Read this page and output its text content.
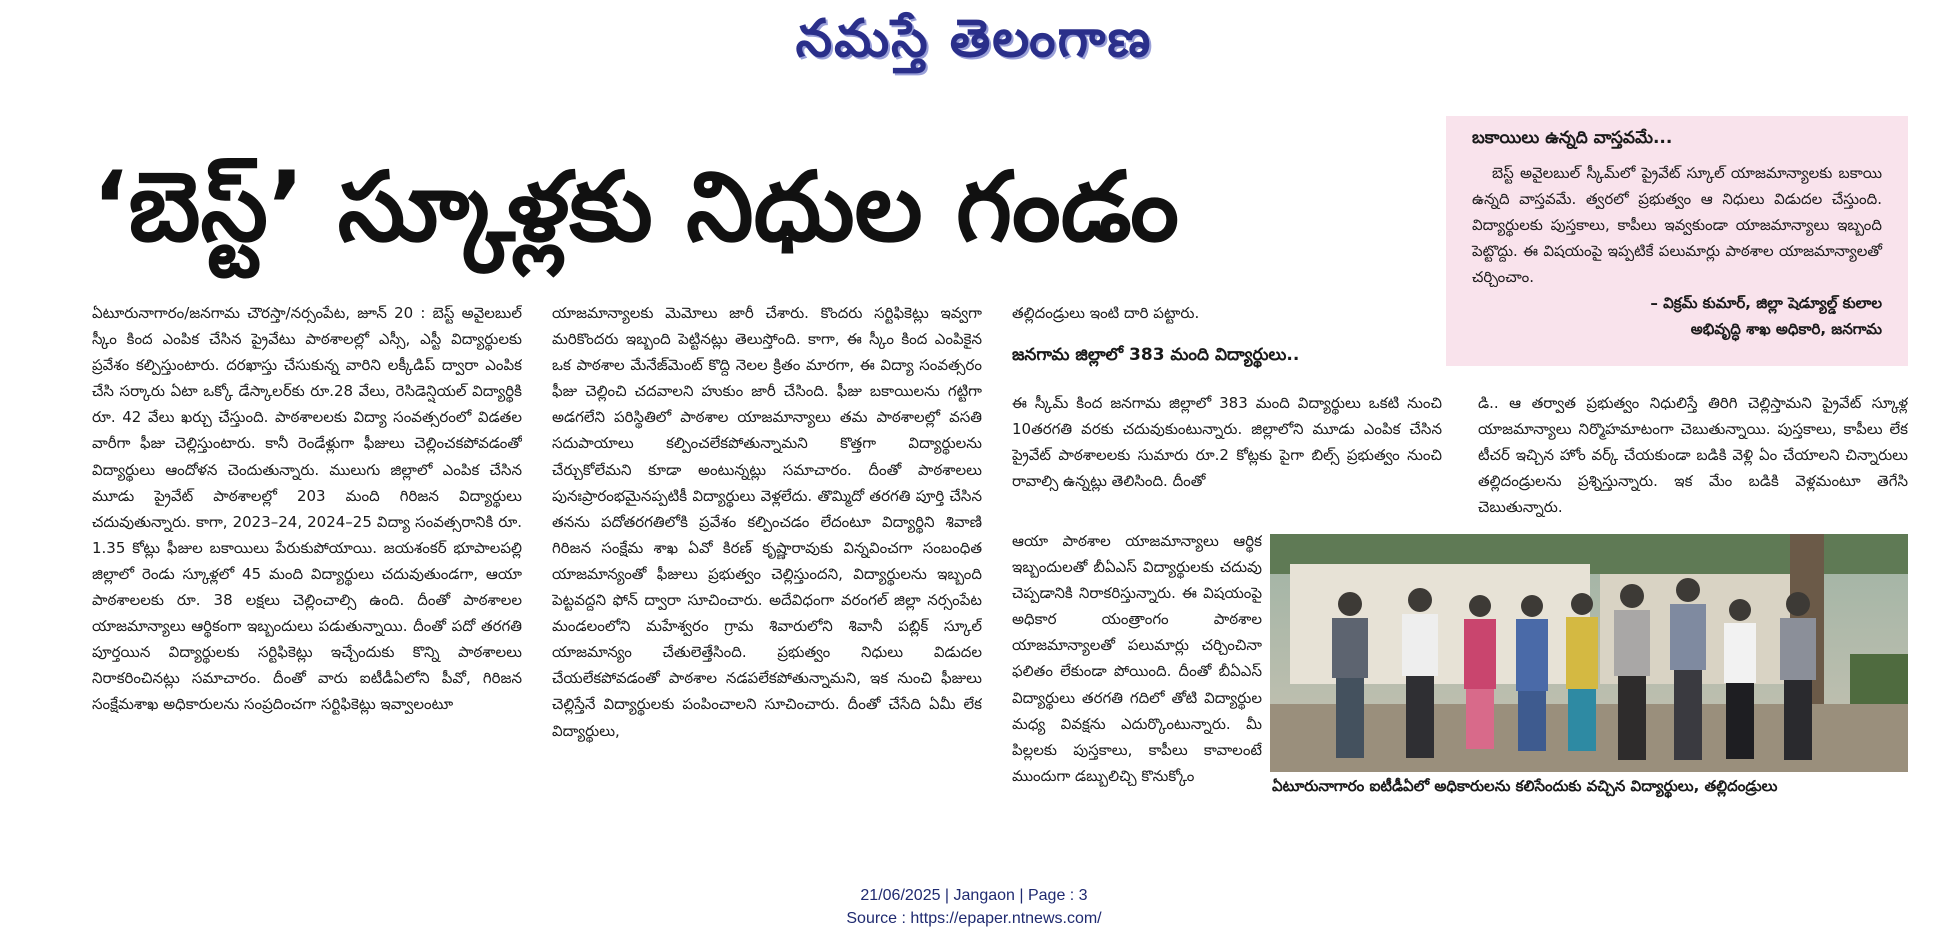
నమస్తే తెలంగాణ
‘బెస్ట్’ స్కూళ్లకు నిధుల గండం
బకాయిలు ఉన్నది వాస్తవమే...
బెస్ట్ అవైలబుల్ స్కీమ్‌లో ప్రైవేట్ స్కూల్ యాజమాన్యాలకు బకాయి ఉన్నది వాస్తవమే. త్వరలో ప్రభుత్వం ఆ నిధులు విడుదల చేస్తుంది. విద్యార్థులకు పుస్తకాలు, కాపీలు ఇవ్వకుండా యాజమాన్యాలు ఇబ్బంది పెట్టొద్దు. ఈ విషయంపై ఇప్పటికే పలుమార్లు పాఠశాల యాజమాన్యాలతో చర్చించాం.
– విక్రమ్ కుమార్, జిల్లా షెడ్యూల్డ్ కులాల
అభివృద్ధి శాఖ అధికారి, జనగామ
ఏటూరునాగారం/జనగామ చౌరస్తా/నర్సంపేట, జూన్ 20 : బెస్ట్ అవైలబుల్ స్కీం కింద ఎంపిక చేసిన ప్రైవేటు పాఠశాలల్లో ఎస్సీ, ఎస్టీ విద్యార్థులకు ప్రవేశం కల్పిస్తుంటారు. దరఖాస్తు చేసుకున్న వారిని లక్కీడిప్ ద్వారా ఎంపిక చేసి సర్కారు ఏటా ఒక్కో డేస్కాలర్‌కు రూ.28 వేలు, రెసిడెన్షియల్ విద్యార్థికి రూ. 42 వేలు ఖర్చు చేస్తుంది. పాఠశాలలకు విద్యా సంవత్సరంలో విడతల వారీగా ఫీజు చెల్లిస్తుంటారు. కానీ రెండేళ్లుగా ఫీజులు చెల్లించకపోవడంతో విద్యార్థులు ఆందోళన చెందుతున్నారు. ములుగు జిల్లాలో ఎంపిక చేసిన మూడు ప్రైవేట్ పాఠశాలల్లో 203 మంది గిరిజన విద్యార్థులు చదువుతున్నారు. కాగా, 2023–24, 2024–25 విద్యా సంవత్సరానికి రూ. 1.35 కోట్లు ఫీజుల బకాయిలు పేరుకుపోయాయి. జయశంకర్ భూపాలపల్లి జిల్లాలో రెండు స్కూళ్లలో 45 మంది విద్యార్థులు చదువుతుండగా, ఆయా పాఠశాలలకు రూ. 38 లక్షలు చెల్లించాల్సి ఉంది. దీంతో పాఠశాలల యాజమాన్యాలు ఆర్థికంగా ఇబ్బందులు పడుతున్నాయి. దీంతో పదో తరగతి పూర్తయిన విద్యార్థులకు సర్టిఫికెట్లు ఇచ్చేందుకు కొన్ని పాఠశాలలు నిరాకరించినట్లు సమాచారం. దీంతో వారు ఐటీడీఏలోని పీవో, గిరిజన సంక్షేమశాఖ అధికారులను సంప్రదించగా సర్టిఫికెట్లు ఇవ్వాలంటూ
యాజమాన్యాలకు మెమోలు జారీ చేశారు. కొందరు సర్టిఫికెట్లు ఇవ్వగా మరికొందరు ఇబ్బంది పెట్టినట్లు తెలుస్తోంది. కాగా, ఈ స్కీం కింద ఎంపికైన ఒక పాఠశాల మేనేజ్‌మెంట్ కొద్ది నెలల క్రితం మారగా, ఈ విద్యా సంవత్సరం ఫీజు చెల్లించి చదవాలని హుకుం జారీ చేసింది. ఫీజు బకాయిలను గట్టిగా అడగలేని పరిస్థితిలో పాఠశాల యాజమాన్యాలు తమ పాఠశాలల్లో వసతి సదుపాయాలు కల్పించలేకపోతున్నామని కొత్తగా విద్యార్థులను చేర్చుకోలేమని కూడా అంటున్నట్లు సమాచారం. దీంతో పాఠశాలలు పునఃప్రారంభమైనప్పటికీ విద్యార్థులు వెళ్లలేదు. తొమ్మిదో తరగతి పూర్తి చేసిన తనను పదోతరగతిలోకి ప్రవేశం కల్పించడం లేదంటూ విద్యార్థిని శివాణి గిరిజన సంక్షేమ శాఖ ఏవో కిరణ్ కృష్ణారావుకు విన్నవించగా సంబంధిత యాజమాన్యంతో ఫీజులు ప్రభుత్వం చెల్లిస్తుందని, విద్యార్థులను ఇబ్బంది పెట్టవద్దని ఫోన్ ద్వారా సూచించారు. అదేవిధంగా వరంగల్ జిల్లా నర్సంపేట మండలంలోని మహేశ్వరం గ్రామ శివారులోని శివానీ పబ్లిక్ స్కూల్ యాజమాన్యం చేతులెత్తేసింది. ప్రభుత్వం నిధులు విడుదల చేయలేకపోవడంతో పాఠశాల నడపలేకపోతున్నామని, ఇక నుంచి ఫీజులు చెల్లిస్తేనే విద్యార్థులకు పంపించాలని సూచించారు. దీంతో చేసేది ఏమీ లేక విద్యార్థులు,
తల్లిదండ్రులు ఇంటి దారి పట్టారు.
జనగామ జిల్లాలో 383 మంది విద్యార్థులు..
ఈ స్కీమ్ కింద జనగామ జిల్లాలో 383 మంది విద్యార్థులు ఒకటి నుంచి 10తరగతి వరకు చదువుకుంటున్నారు. జిల్లాలోని మూడు ఎంపిక చేసిన ప్రైవేట్ పాఠశాలలకు సుమారు రూ.2 కోట్లకు పైగా బిల్స్ ప్రభుత్వం నుంచి రావాల్సి ఉన్నట్లు తెలిసింది. దీంతో
ఆయా పాఠశాల యాజమాన్యాలు ఆర్థిక ఇబ్బందులతో బీఏఎస్ విద్యార్థులకు చదువు చెప్పడానికి నిరాకరిస్తున్నారు. ఈ విషయంపై అధికార యంత్రాంగం పాఠశాల యాజమాన్యాలతో పలుమార్లు చర్చించినా ఫలితం లేకుండా పోయింది. దీంతో బీఏఎస్ విద్యార్థులు తరగతి గదిలో తోటి విద్యార్థుల మధ్య వివక్షను ఎదుర్కొంటున్నారు. మీ పిల్లలకు పుస్తకాలు, కాపీలు కావాలంటే ముందుగా డబ్బులిచ్చి కొనుక్కోం
డి.. ఆ తర్వాత ప్రభుత్వం నిధులిస్తే తిరిగి చెల్లిస్తామని ప్రైవేట్ స్కూళ్ల యాజమాన్యాలు నిర్మొహమాటంగా చెబుతున్నాయి. పుస్తకాలు, కాపీలు లేక టీచర్ ఇచ్చిన హోం వర్క్ చేయకుండా బడికి వెళ్లి ఏం చేయాలని చిన్నారులు తల్లిదండ్రులను ప్రశ్నిస్తున్నారు. ఇక మేం బడికి వెళ్లమంటూ తెగేసి చెబుతున్నారు.
ఏటూరునాగారం ఐటీడీఏలో అధికారులను కలిసేందుకు వచ్చిన విద్యార్థులు, తల్లిదండ్రులు
21/06/2025 | Jangaon | Page : 3
Source : https://epaper.ntnews.com/
